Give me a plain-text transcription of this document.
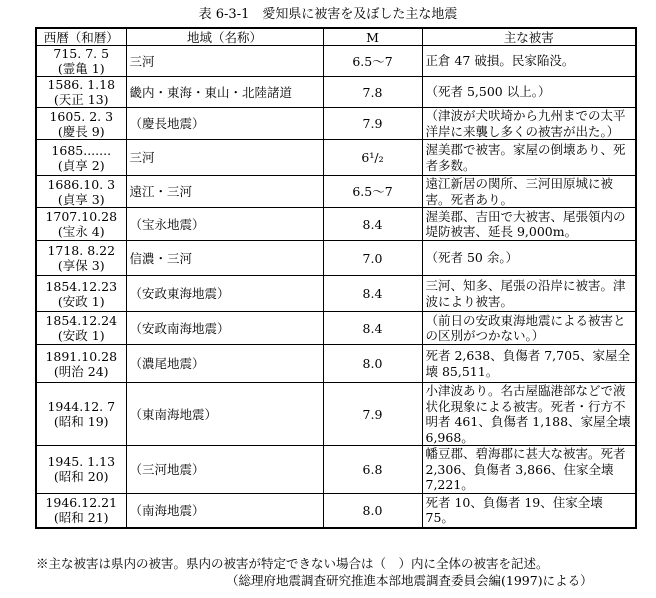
表 6-3-1　愛知県に被害を及ぼした主な地震
西暦（和暦）	地域（名称）	M	主な被害

715. 7. 5
(霊亀 1)	三河	6.5～7	正倉 47 破損。民家陥没。

1586. 1.18
(天正 13)	畿内・東海・東山・北陸諸道	7.8	（死者 5,500 以上。）

1605. 2. 3
(慶長 9)	（慶長地震）	7.9	（津波が犬吠埼から九州までの太平洋岸に来襲し多くの被害が出た。）

1685.......
(貞享 2)	三河	6¹/₂	渥美郡で被害。家屋の倒壊あり、死者多数。

1686.10. 3
(貞享 3)	遠江・三河	6.5～7	遠江新居の関所、三河田原城に被害。死者あり。

1707.10.28
(宝永 4)	（宝永地震）	8.4	渥美郡、吉田で大被害、尾張領内の堤防被害、延長 9,000m。

1718. 8.22
(享保 3)	信濃・三河	7.0	（死者 50 余。）

1854.12.23
(安政 1)	（安政東海地震）	8.4	三河、知多、尾張の沿岸に被害。津波により被害。

1854.12.24
(安政 1)	（安政南海地震）	8.4	（前日の安政東海地震による被害との区別がつかない。）

1891.10.28
(明治 24)	（濃尾地震）	8.0	死者 2,638、負傷者 7,705、家屋全壊 85,511。

1944.12. 7
(昭和 19)	（東南海地震）	7.9	小津波あり。名古屋臨港部などで液状化現象による被害。死者・行方不明者 461、負傷者 1,188、家屋全壊 6,968。

1945. 1.13
(昭和 20)	（三河地震）	6.8	幡豆郡、碧海郡に甚大な被害。死者 2,306、負傷者 3,866、住家全壊 7,221。

1946.12.21
(昭和 21)	（南海地震）	8.0	死者 10、負傷者 19、住家全壊 75。
※主な被害は県内の被害。県内の被害が特定できない場合は（　）内に全体の被害を記述。
（総理府地震調査研究推進本部地震調査委員会編(1997)による）
